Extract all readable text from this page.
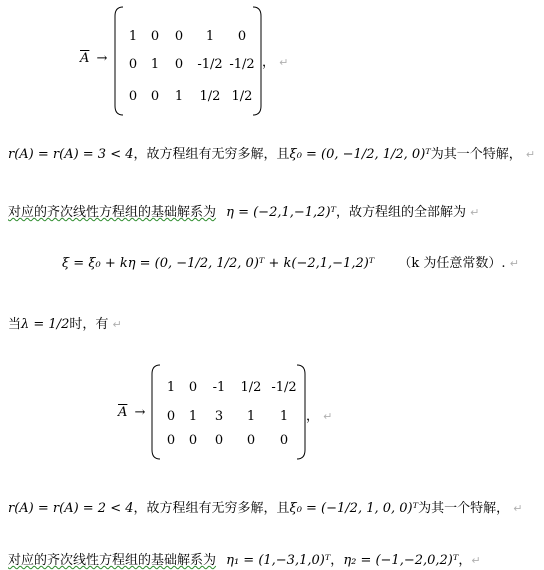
$\overline{A}$ →
1	0	0	1	0
0	1	0	-1/2 -1/2
0	0	1	1/2 1/2
， ↵
r(A) = r(A) = 3 < 4，故方程组有无穷多解，且ξ₀ = (0, −1/2, 1/2, 0)ᵀ为其一个特解， ↵
对应的齐次线性方程组的基础解系为 η = (−2,1,−1,2)ᵀ，故方程组的全部解为 ↵
ξ = ξ₀ + kη = (0, −1/2, 1/2, 0)ᵀ + k(−2,1,−1,2)ᵀ （k 为任意常数）. ↵
当λ = 1/2时，有 ↵
$\overline{A}$ →
1	0	-1	1/2 -1/2
0	1	3	1	1
0	0	0	0	0
， ↵
r(A) = r(A) = 2 < 4，故方程组有无穷多解，且ξ₀ = (−1/2, 1, 0, 0)ᵀ为其一个特解， ↵
对应的齐次线性方程组的基础解系为 η₁ = (1,−3,1,0)ᵀ，η₂ = (−1,−2,0,2)ᵀ，↵
